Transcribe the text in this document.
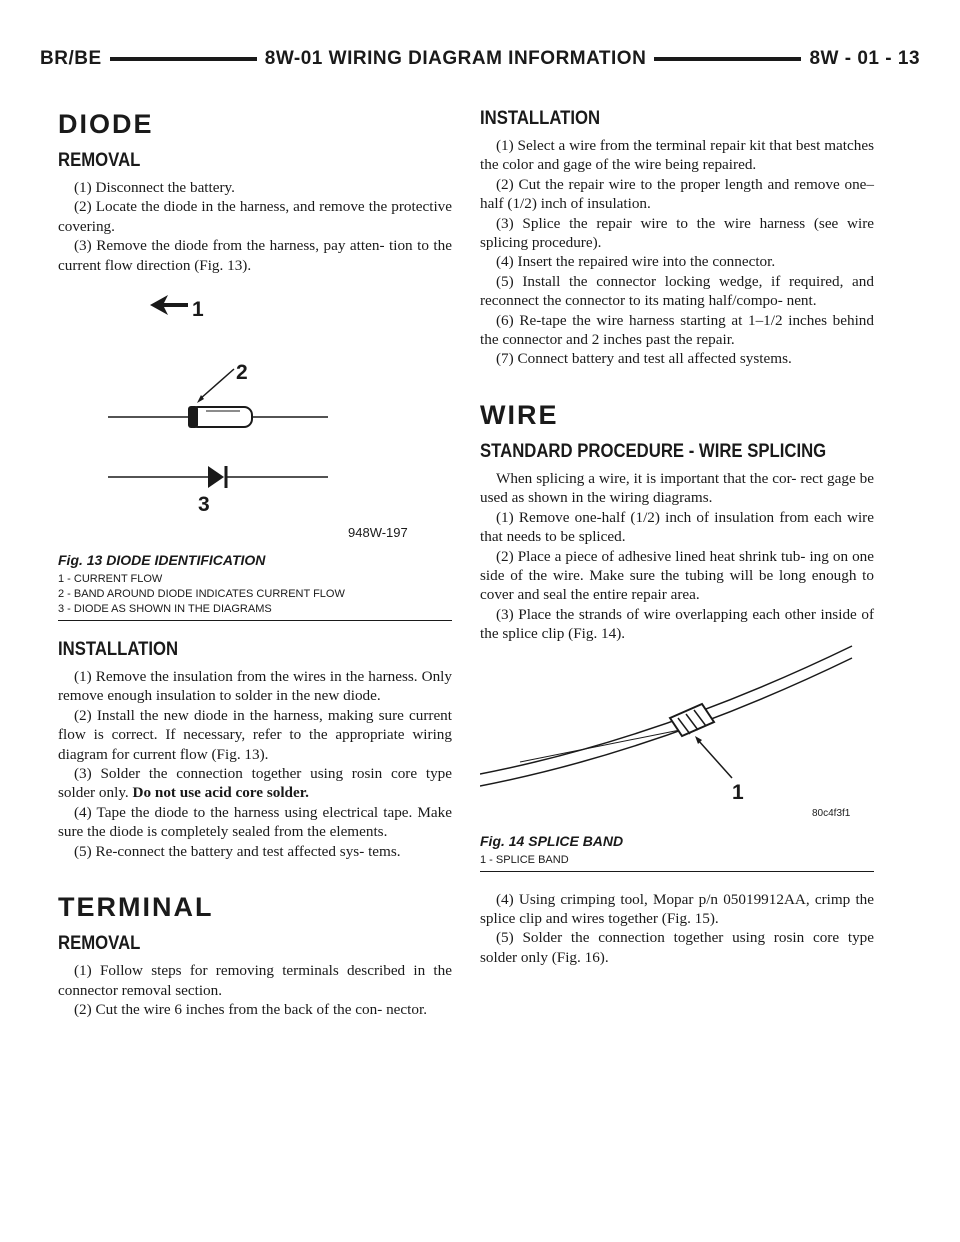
BR/BE	8W-01 WIRING DIAGRAM INFORMATION	8W - 01 - 13
DIODE
REMOVAL

(1) Disconnect the battery.

(2) Locate the diode in the harness, and remove the protective covering.

(3) Remove the diode from the harness, pay atten- tion to the current flow direction (Fig. 13).

1
2
3
948W-197

Fig. 13 DIODE IDENTIFICATION

1 - CURRENT FLOW

2 - BAND AROUND DIODE INDICATES CURRENT FLOW

3 - DIODE AS SHOWN IN THE DIAGRAMS

INSTALLATION

(1) Remove the insulation from the wires in the harness. Only remove enough insulation to solder in the new diode.

(2) Install the new diode in the harness, making sure current flow is correct. If necessary, refer to the appropriate wiring diagram for current flow (Fig. 13).

(3) Solder the connection together using rosin core type solder only. Do not use acid core solder.

(4) Tape the diode to the harness using electrical tape. Make sure the diode is completely sealed from the elements.

(5) Re-connect the battery and test affected sys- tems.

TERMINAL
REMOVAL

(1) Follow steps for removing terminals described in the connector removal section.

(2) Cut the wire 6 inches from the back of the con- nector.

INSTALLATION

(1) Select a wire from the terminal repair kit that best matches the color and gage of the wire being repaired.

(2) Cut the repair wire to the proper length and remove one–half (1/2) inch of insulation.

(3) Splice the repair wire to the wire harness (see wire splicing procedure).

(4) Insert the repaired wire into the connector.

(5) Install the connector locking wedge, if required, and reconnect the connector to its mating half/compo- nent.

(6) Re-tape the wire harness starting at 1–1/2 inches behind the connector and 2 inches past the repair.

(7) Connect battery and test all affected systems.

WIRE
STANDARD PROCEDURE - WIRE SPLICING

When splicing a wire, it is important that the cor- rect gage be used as shown in the wiring diagrams.

(1) Remove one-half (1/2) inch of insulation from each wire that needs to be spliced.

(2) Place a piece of adhesive lined heat shrink tub- ing on one side of the wire. Make sure the tubing will be long enough to cover and seal the entire repair area.

(3) Place the strands of wire overlapping each other inside of the splice clip (Fig. 14).

1
80c4f3f1

Fig. 14 SPLICE BAND

1 - SPLICE BAND

(4) Using crimping tool, Mopar p/n 05019912AA, crimp the splice clip and wires together (Fig. 15).

(5) Solder the connection together using rosin core type solder only (Fig. 16).
